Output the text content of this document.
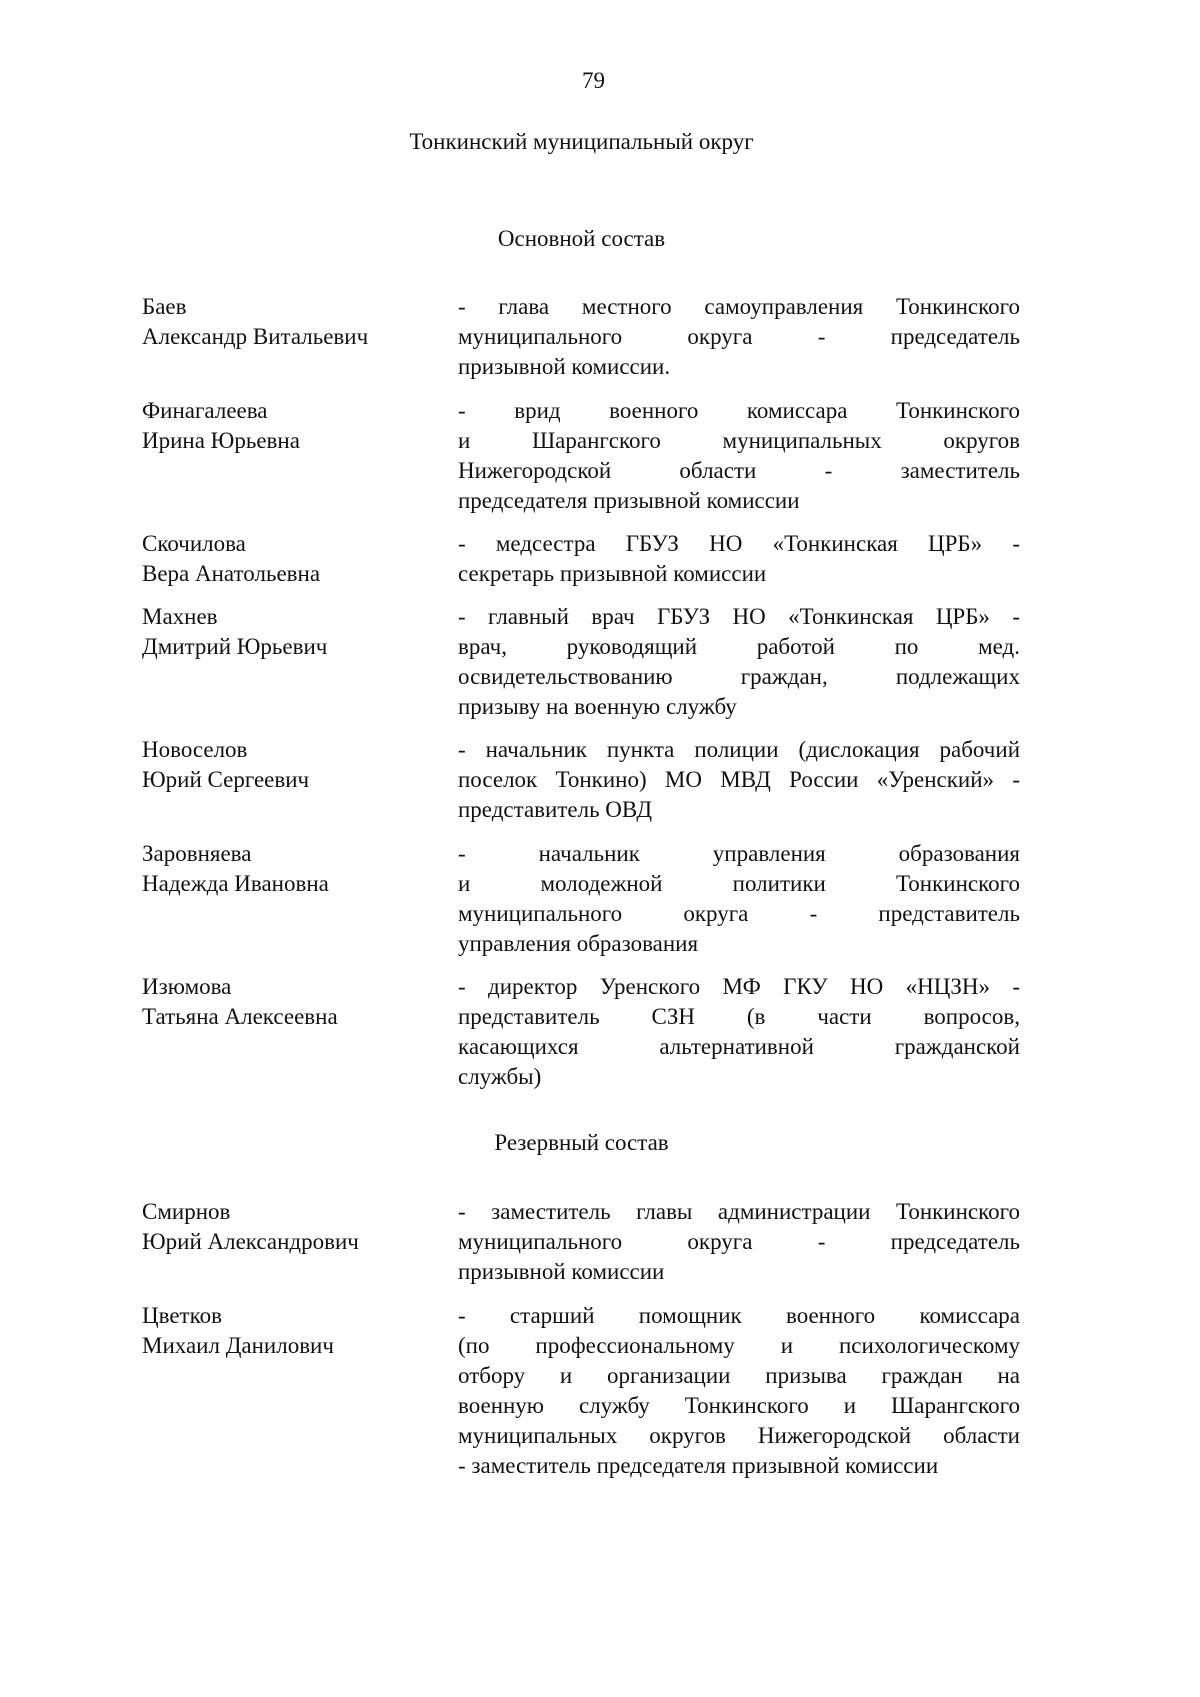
79
Тонкинский муниципальный округ
Основной состав
Баев
Александр Витальевич
- глава местного самоуправления Тонкинского
муниципального округа - председатель
призывной комиссии.
Финагалеева
Ирина Юрьевна
- врид военного комиссара Тонкинского
и Шарангского муниципальных округов
Нижегородской области - заместитель
председателя призывной комиссии
Скочилова
Вера Анатольевна
- медсестра ГБУЗ НО «Тонкинская ЦРБ» -
секретарь призывной комиссии
Махнев
Дмитрий Юрьевич
- главный врач ГБУЗ НО «Тонкинская ЦРБ» -
врач, руководящий работой по мед.
освидетельствованию граждан, подлежащих
призыву на военную службу
Новоселов
Юрий Сергеевич
- начальник пункта полиции (дислокация рабочий
поселок Тонкино) МО МВД России «Уренский» -
представитель ОВД
Заровняева
Надежда Ивановна
- начальник управления образования
и молодежной политики Тонкинского
муниципального округа - представитель
управления образования
Изюмова
Татьяна Алексеевна
- директор Уренского МФ ГКУ НО «НЦЗН» -
представитель СЗН (в части вопросов,
касающихся альтернативной гражданской
службы)
Резервный состав
Смирнов
Юрий Александрович
- заместитель главы администрации Тонкинского
муниципального округа - председатель
призывной комиссии
Цветков
Михаил Данилович
- старший помощник военного комиссара
(по профессиональному и психологическому
отбору и организации призыва граждан на
военную службу Тонкинского и Шарангского
муниципальных округов Нижегородской области
- заместитель председателя призывной комиссии
